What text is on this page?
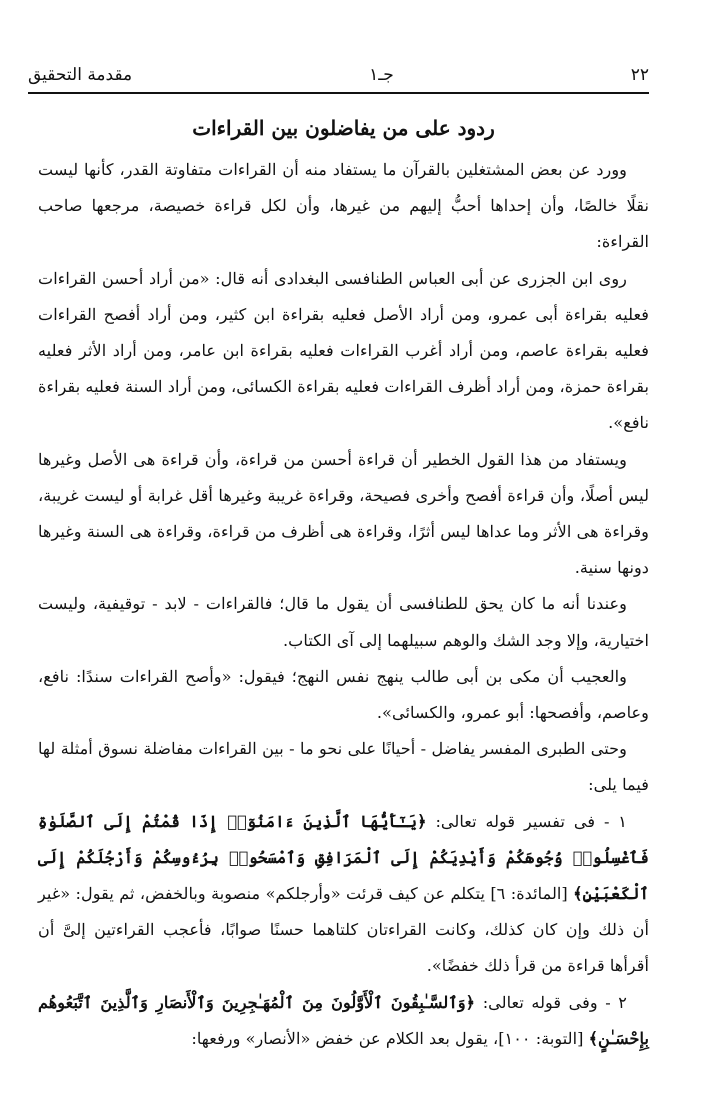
مقدمة التحقيق	جـ١	٢٢
ردود على من يفاضلون بين القراءات

وورد عن بعض المشتغلين بالقرآن ما يستفاد منه أن القراءات متفاوتة القدر، كأنها ليست نقلًا خالصًا، وأن إحداها أحبُّ إليهم من غيرها، وأن لكل قراءة خصيصة، مرجعها صاحب القراءة:

روى ابن الجزرى عن أبى العباس الطنافسى البغدادى أنه قال: «من أراد أحسن القراءات فعليه بقراءة أبى عمرو، ومن أراد الأصل فعليه بقراءة ابن كثير، ومن أراد أفصح القراءات فعليه بقراءة عاصم، ومن أراد أغرب القراءات فعليه بقراءة ابن عامر، ومن أراد الأثر فعليه بقراءة حمزة، ومن أراد أظرف القراءات فعليه بقراءة الكسائى، ومن أراد السنة فعليه بقراءة نافع».

ويستفاد من هذا القول الخطير أن قراءة أحسن من قراءة، وأن قراءة هى الأصل وغيرها ليس أصلًا، وأن قراءة أفصح وأخرى فصيحة، وقراءة غريبة وغيرها أقل غرابة أو ليست غريبة، وقراءة هى الأثر وما عداها ليس أثرًا، وقراءة هى أظرف من قراءة، وقراءة هى السنة وغيرها دونها سنية.

وعندنا أنه ما كان يحق للطنافسى أن يقول ما قال؛ فالقراءات - لابد - توقيفية، وليست اختيارية، وإلا وجد الشك والوهم سبيلهما إلى آى الكتاب.

والعجيب أن مكى بن أبى طالب ينهج نفس النهج؛ فيقول: «وأصح القراءات سندًا: نافع، وعاصم، وأفصحها: أبو عمرو، والكسائى».

وحتى الطبرى المفسر يفاضل - أحيانًا على نحو ما - بين القراءات مفاضلة نسوق أمثلة لها فيما يلى:

١ - فى تفسير قوله تعالى: ﴿يَـٰٓأَيُّهَا ٱلَّذِينَ ءَامَنُوٓا۟ إِذَا قُمْتُمْ إِلَى ٱلصَّلَوٰةِ فَٱغْسِلُوا۟ وُجُوهَكُمْ وَأَيْدِيَكُمْ إِلَى ٱلْمَرَافِقِ وَٱمْسَحُوا۟ بِرُءُوسِكُمْ وَأَرْجُلَكُمْ إِلَى ٱلْكَعْبَيْنِ﴾ [المائدة: ٦] يتكلم عن كيف قرئت «وأرجلكم» منصوبة وبالخفض، ثم يقول: «غير أن ذلك وإن كان كذلك، وكانت القراءتان كلتاهما حسنًا صوابًا، فأعجب القراءتين إلىَّ أن أقرأها قراءة من قرأ ذلك خفضًا».

٢ - وفى قوله تعالى: ﴿وَٱلسَّـٰبِقُونَ ٱلْأَوَّلُونَ مِنَ ٱلْمُهَـٰجِرِينَ وَٱلْأَنصَارِ وَٱلَّذِينَ ٱتَّبَعُوهُم بِإِحْسَـٰنٍ﴾ [التوبة: ١٠٠]، يقول بعد الكلام عن خفض «الأنصار» ورفعها:
